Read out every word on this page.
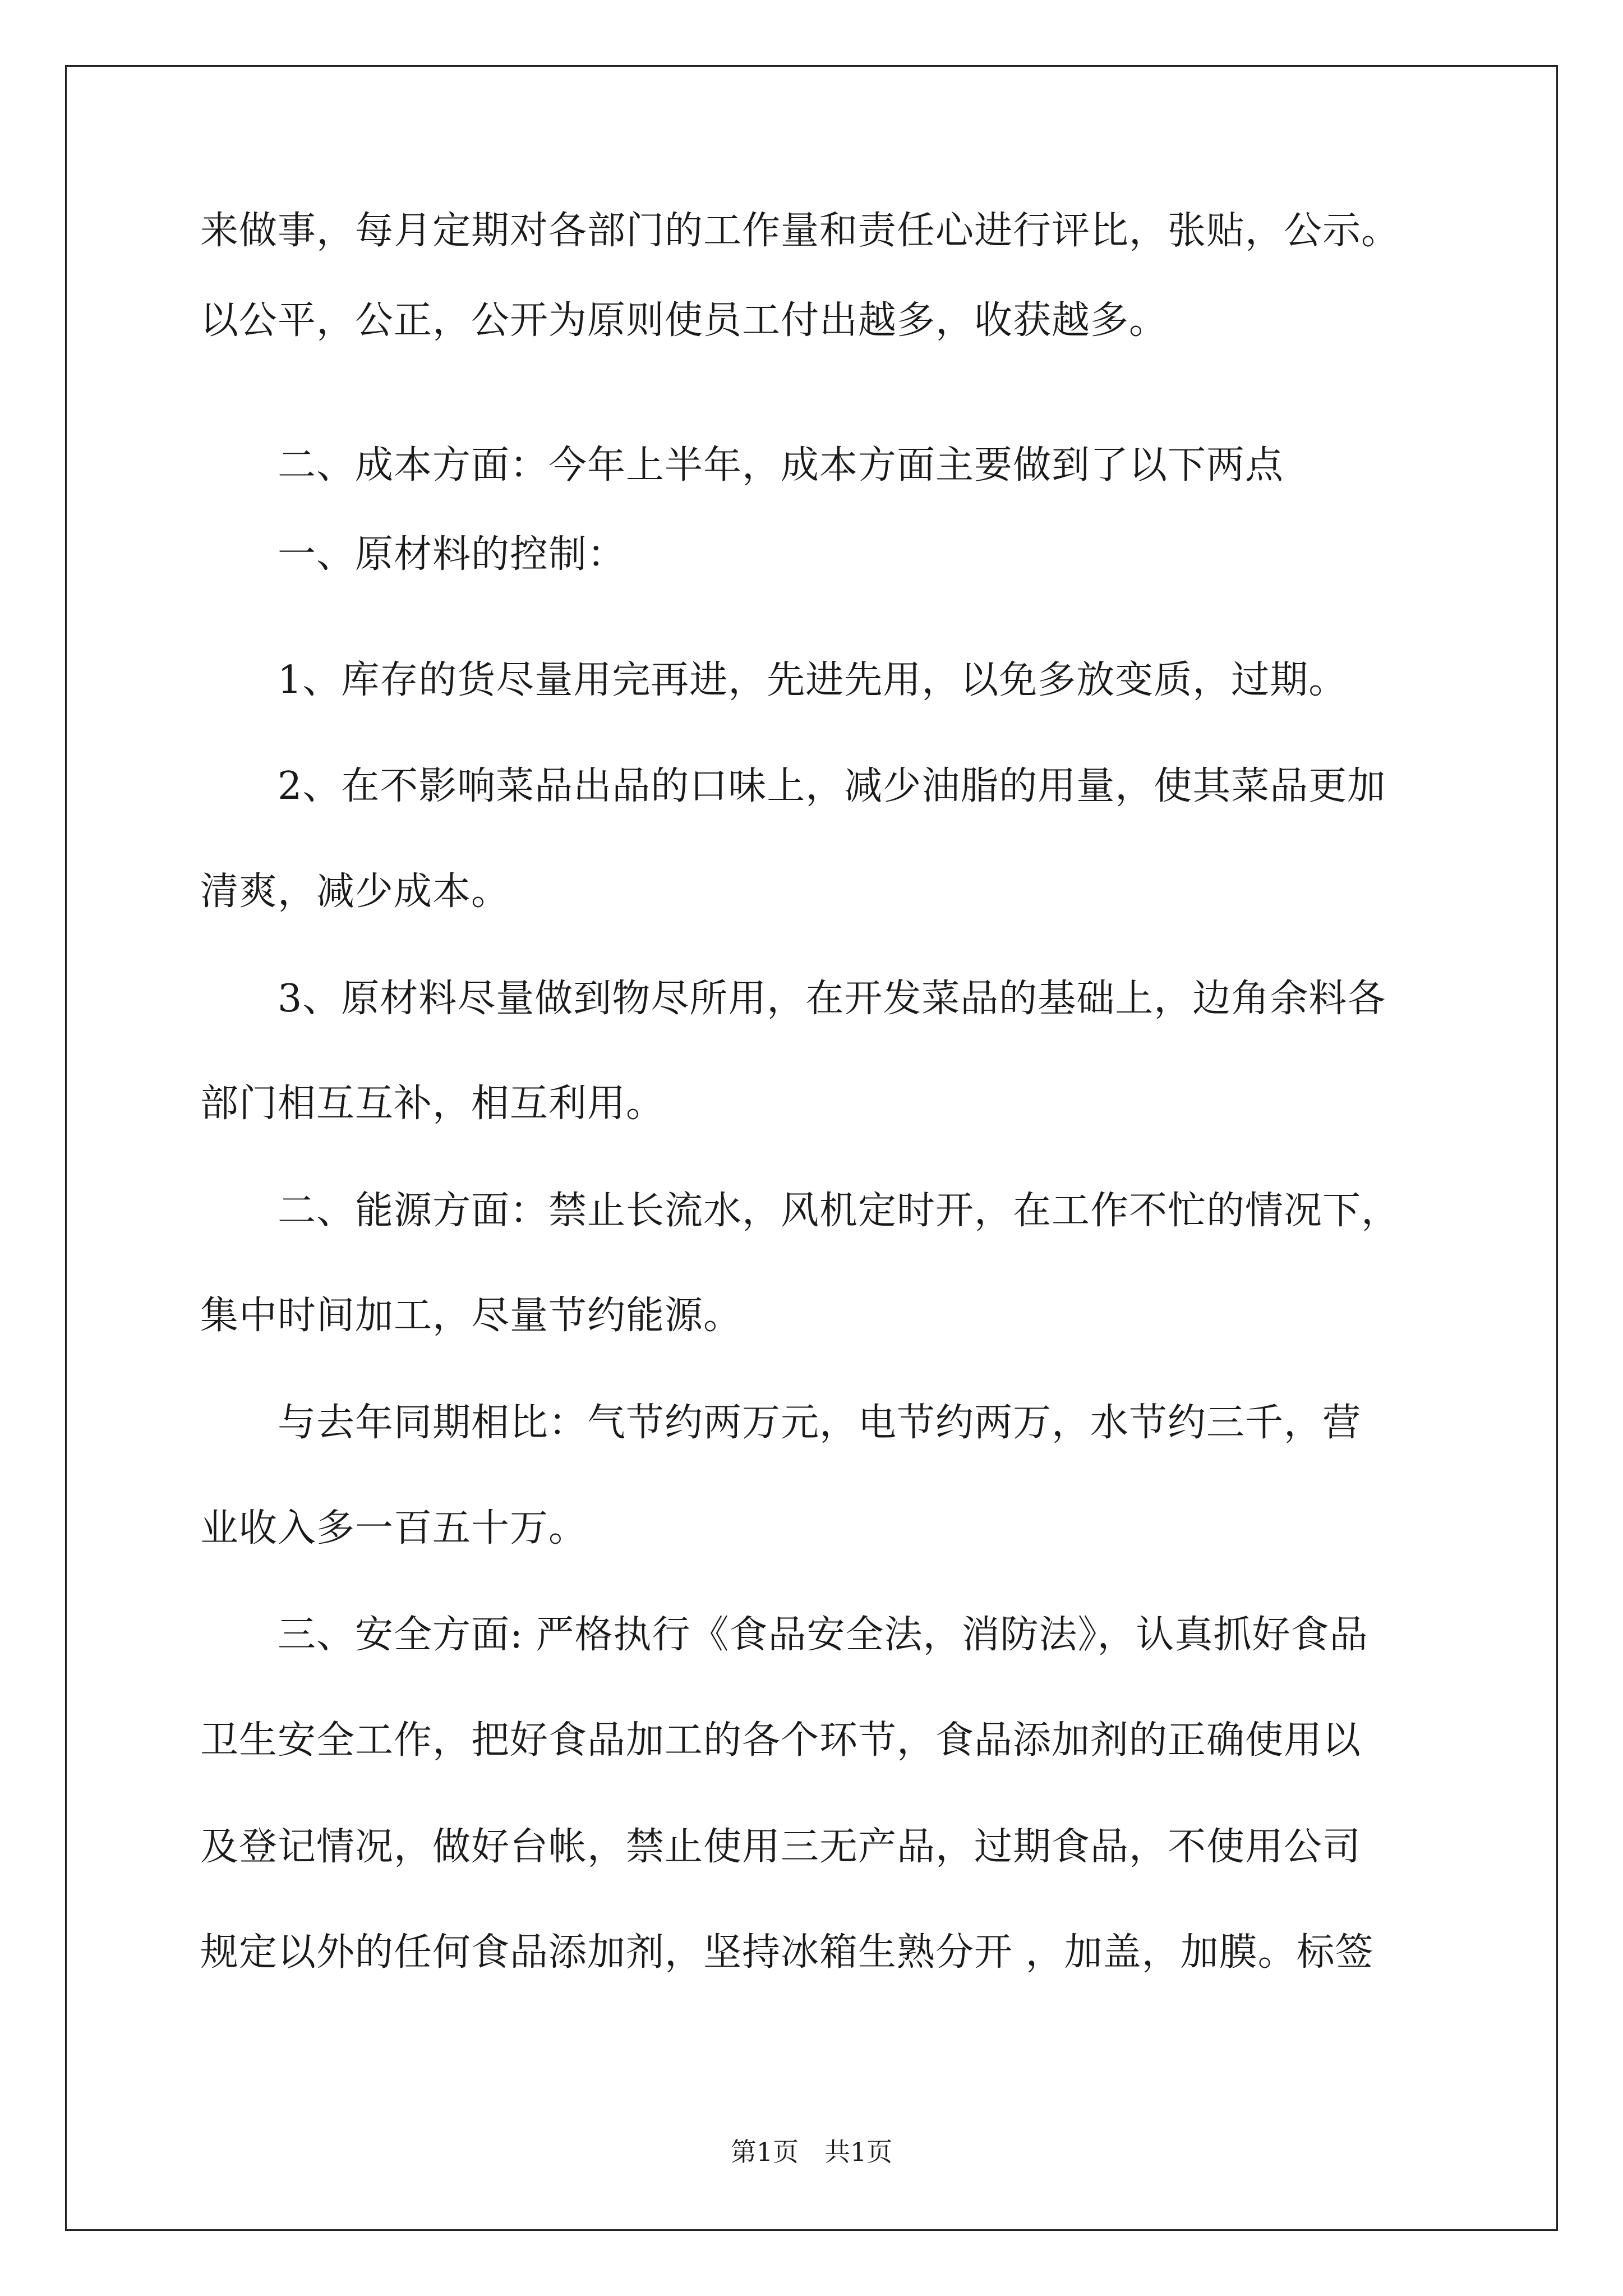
来做事，每月定期对各部门的工作量和责任心进行评比，张贴，公示。
以公平，公正，公开为原则使员工付出越多，收获越多。
　　二、成本方面：今年上半年，成本方面主要做到了以下两点
　　一、原材料的控制：
　　1、库存的货尽量用完再进，先进先用，以免多放变质，过期。
　　2、在不影响菜品出品的口味上，减少油脂的用量，使其菜品更加
清爽，减少成本。
　　3、原材料尽量做到物尽所用，在开发菜品的基础上，边角余料各
部门相互互补，相互利用。
　　二、能源方面：禁止长流水，风机定时开，在工作不忙的情况下，
集中时间加工，尽量节约能源。
　　与去年同期相比：气节约两万元，电节约两万，水节约三千，营
业收入多一百五十万。
　　三、安全方面: 严格执行《食品安全法，消防法》，认真抓好食品
卫生安全工作，把好食品加工的各个环节，食品添加剂的正确使用以
及登记情况，做好台帐，禁止使用三无产品，过期食品，不使用公司
规定以外的任何食品添加剂，坚持冰箱生熟分开 ，加盖，加膜。标签
第1页　共1页
